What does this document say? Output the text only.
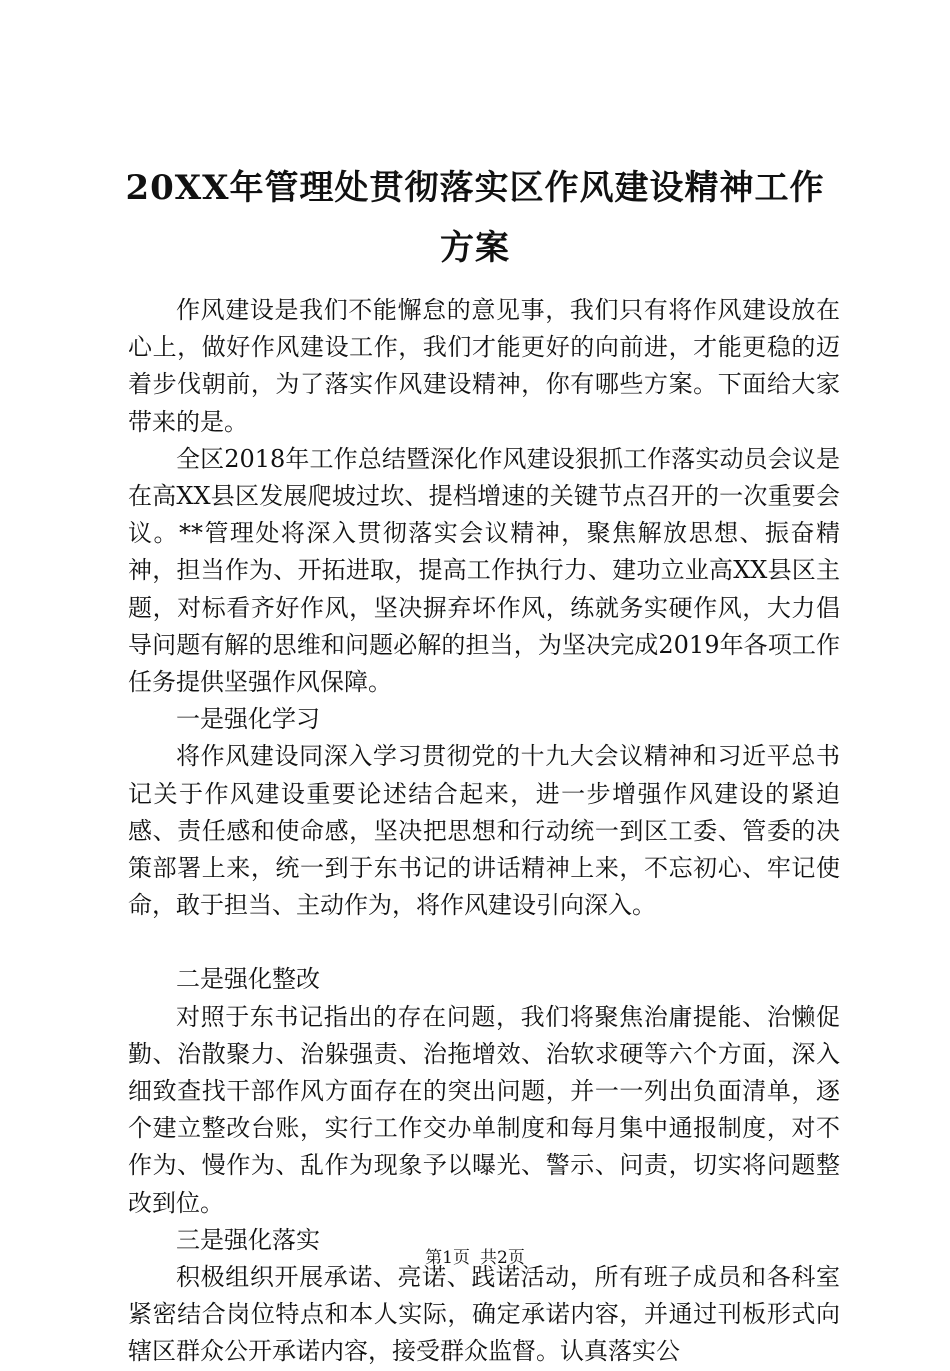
20XX年管理处贯彻落实区作风建设精神工作
方案

作风建设是我们不能懈怠的意见事，我们只有将作风建设放在心上，做好作风建设工作，我们才能更好的向前进，才能更稳的迈着步伐朝前，为了落实作风建设精神，你有哪些方案。下面给大家带来的是。

全区2018年工作总结暨深化作风建设狠抓工作落实动员会议是在高XX县区发展爬坡过坎、提档增速的关键节点召开的一次重要会议。**管理处将深入贯彻落实会议精神，聚焦解放思想、振奋精神，担当作为、开拓进取，提高工作执行力、建功立业高XX县区主题，对标看齐好作风，坚决摒弃坏作风，练就务实硬作风，大力倡导问题有解的思维和问题必解的担当，为坚决完成2019年各项工作任务提供坚强作风保障。

一是强化学习

将作风建设同深入学习贯彻党的十九大会议精神和习近平总书记关于作风建设重要论述结合起来，进一步增强作风建设的紧迫感、责任感和使命感，坚决把思想和行动统一到区工委、管委的决策部署上来，统一到于东书记的讲话精神上来，不忘初心、牢记使命，敢于担当、主动作为，将作风建设引向深入。

二是强化整改

对照于东书记指出的存在问题，我们将聚焦治庸提能、治懒促勤、治散聚力、治躲强责、治拖增效、治软求硬等六个方面，深入细致查找干部作风方面存在的突出问题，并一一列出负面清单，逐个建立整改台账，实行工作交办单制度和每月集中通报制度，对不作为、慢作为、乱作为现象予以曝光、警示、问责，切实将问题整改到位。

三是强化落实

积极组织开展承诺、亮诺、践诺活动，所有班子成员和各科室紧密结合岗位特点和本人实际，确定承诺内容，并通过刊板形式向辖区群众公开承诺内容，接受群众监督。认真落实公

第1页 共2页
